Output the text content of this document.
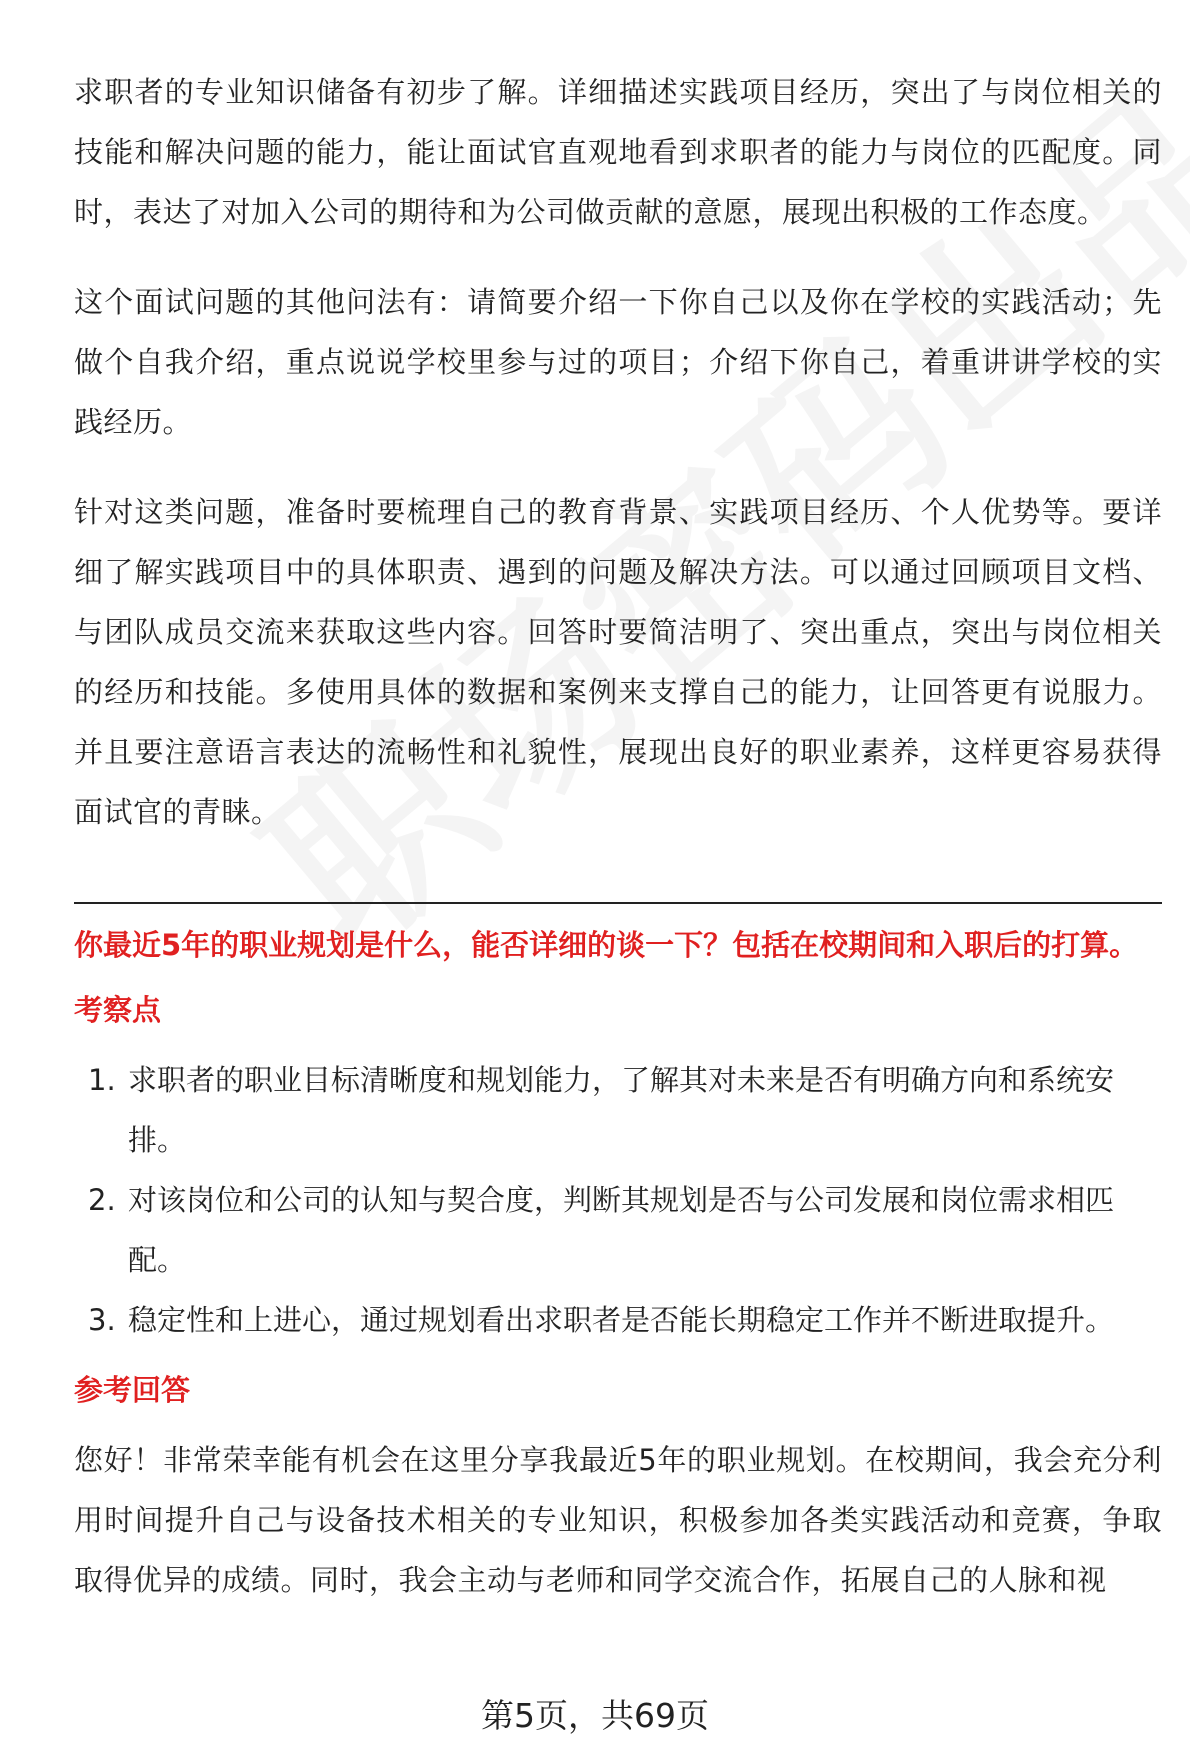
求职者的专业知识储备有初步了解。详细描述实践项目经历，突出了与岗位相关的技能和解决问题的能力，能让面试官直观地看到求职者的能力与岗位的匹配度。同时，表达了对加入公司的期待和为公司做贡献的意愿，展现出积极的工作态度。

这个面试问题的其他问法有：请简要介绍一下你自己以及你在学校的实践活动；先做个自我介绍，重点说说学校里参与过的项目；介绍下你自己，着重讲讲学校的实践经历。

针对这类问题，准备时要梳理自己的教育背景、实践项目经历、个人优势等。要详细了解实践项目中的具体职责、遇到的问题及解决方法。可以通过回顾项目文档、与团队成员交流来获取这些内容。回答时要简洁明了、突出重点，突出与岗位相关的经历和技能。多使用具体的数据和案例来支撑自己的能力，让回答更有说服力。并且要注意语言表达的流畅性和礼貌性，展现出良好的职业素养，这样更容易获得面试官的青睐。

你最近5年的职业规划是什么，能否详细的谈一下？包括在校期间和入职后的打算。
考察点
1. 求职者的职业目标清晰度和规划能力，了解其对未来是否有明确方向和系统安排。
2. 对该岗位和公司的认知与契合度，判断其规划是否与公司发展和岗位需求相匹配。
3. 稳定性和上进心，通过规划看出求职者是否能长期稳定工作并不断进取提升。
参考回答

您好！非常荣幸能有机会在这里分享我最近5年的职业规划。在校期间，我会充分利用时间提升自己与设备技术相关的专业知识，积极参加各类实践活动和竞赛，争取取得优异的成绩。同时，我会主动与老师和同学交流合作，拓展自己的人脉和视

第5页，共69页
